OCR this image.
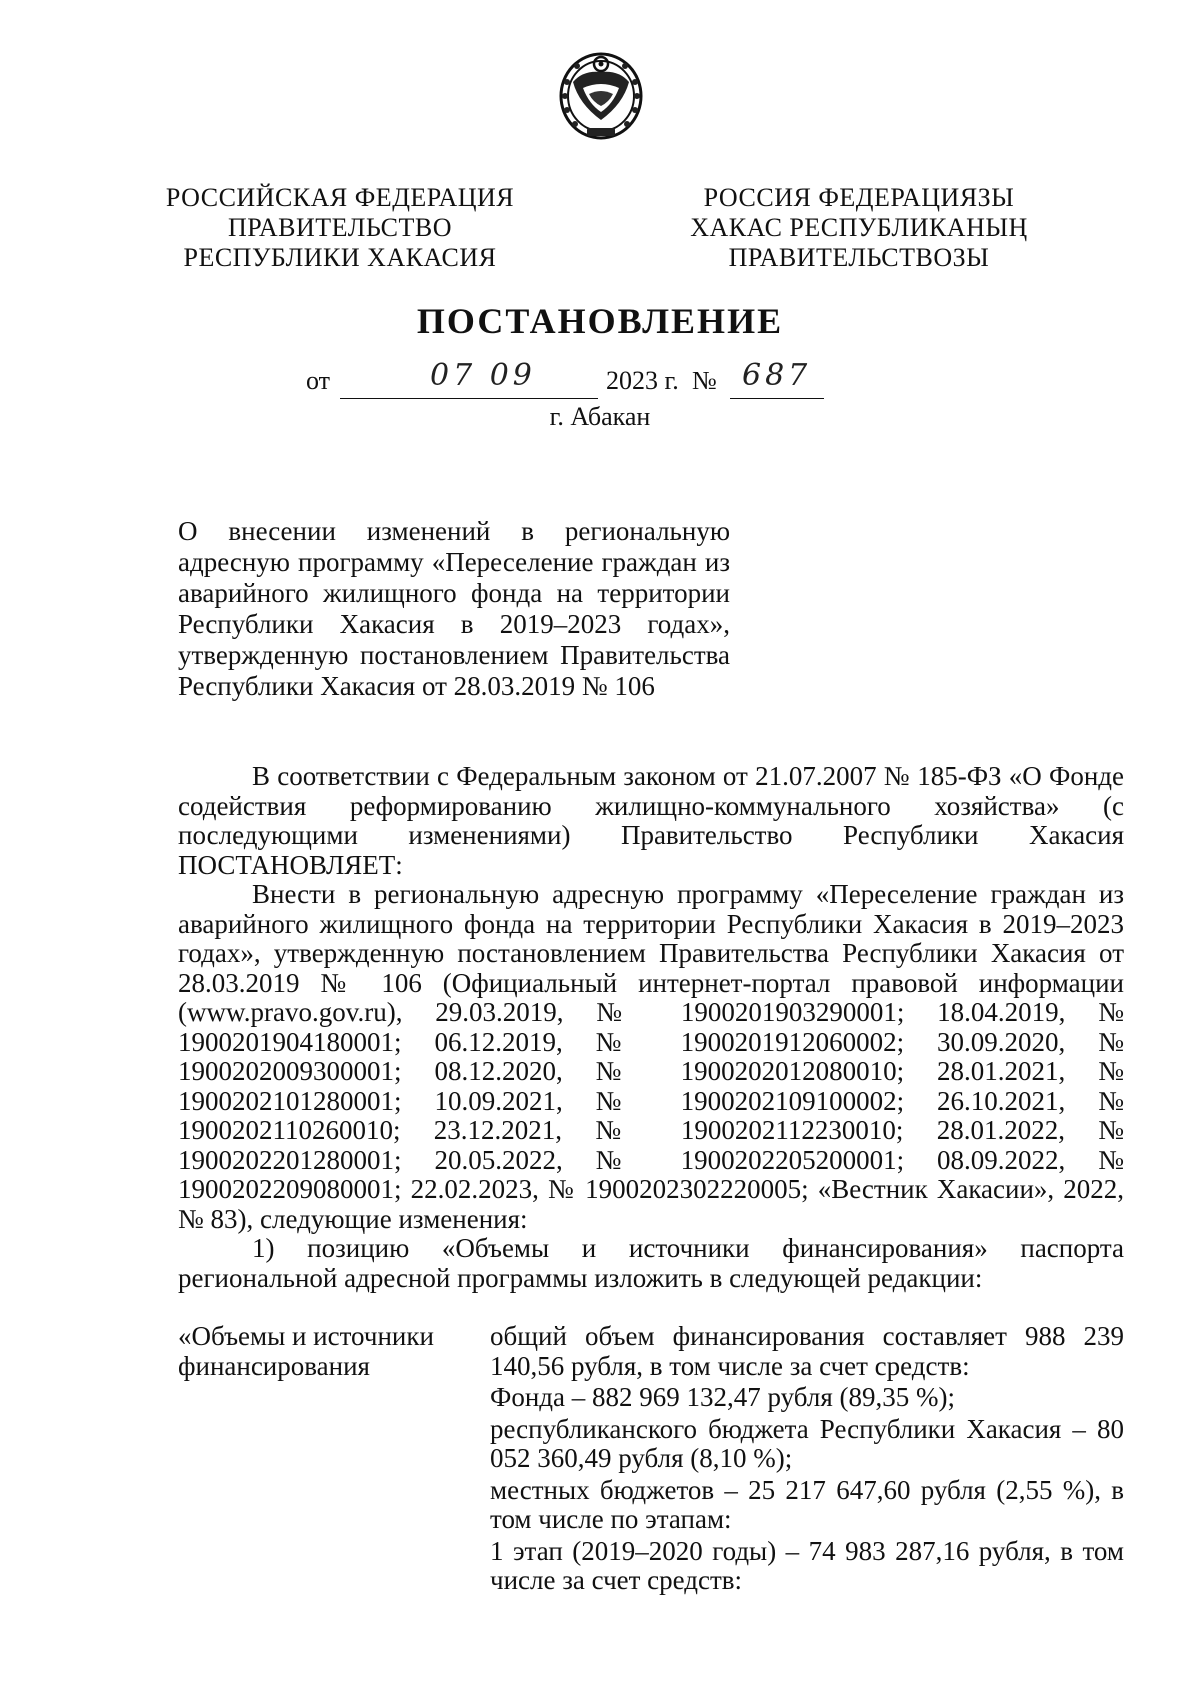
РОССИЙСКАЯ ФЕДЕРАЦИЯ
ПРАВИТЕЛЬСТВО
РЕСПУБЛИКИ ХАКАСИЯ
РОССИЯ ФЕДЕРАЦИЯЗЫ
ХАКАС РЕСПУБЛИКАНЫҢ
ПРАВИТЕЛЬСТВОЗЫ
ПОСТАНОВЛЕНИЕ
от	07 09	2023 г. № 687
г. Абакан
О внесении изменений в региональную адресную программу «Переселение граждан из аварийного жилищного фонда на территории Республики Хакасия в 2019–2023 годах», утвержденную постановлением Правительства Республики Хакасия от 28.03.2019 № 106

В соответствии с Федеральным законом от 21.07.2007 № 185-ФЗ «О Фонде содействия реформированию жилищно-коммунального хозяйства» (с последующими изменениями) Правительство Республики Хакасия ПОСТАНОВЛЯЕТ:

Внести в региональную адресную программу «Переселение граждан из аварийного жилищного фонда на территории Республики Хакасия в 2019–2023 годах», утвержденную постановлением Правительства Республики Хакасия от 28.03.2019 № 106 (Официальный интернет-портал правовой информации (www.pravo.gov.ru), 29.03.2019, № 1900201903290001; 18.04.2019, № 1900201904180001; 06.12.2019, № 1900201912060002; 30.09.2020, № 1900202009300001; 08.12.2020, № 1900202012080010; 28.01.2021, № 1900202101280001; 10.09.2021, № 1900202109100002; 26.10.2021, № 1900202110260010; 23.12.2021, № 1900202112230010; 28.01.2022, № 1900202201280001; 20.05.2022, № 1900202205200001; 08.09.2022, № 1900202209080001; 22.02.2023, № 1900202302220005; «Вестник Хакасии», 2022, № 83), следующие изменения:

1) позицию «Объемы и источники финансирования» паспорта региональной адресной программы изложить в следующей редакции:

«Объемы и источники финансирования

общий объем финансирования составляет 988 239 140,56 рубля, в том числе за счет средств:

Фонда – 882 969 132,47 рубля (89,35 %);

республиканского бюджета Республики Хакасия – 80 052 360,49 рубля (8,10 %);

местных бюджетов – 25 217 647,60 рубля (2,55 %), в том числе по этапам:

1 этап (2019–2020 годы) – 74 983 287,16 рубля, в том числе за счет средств:
